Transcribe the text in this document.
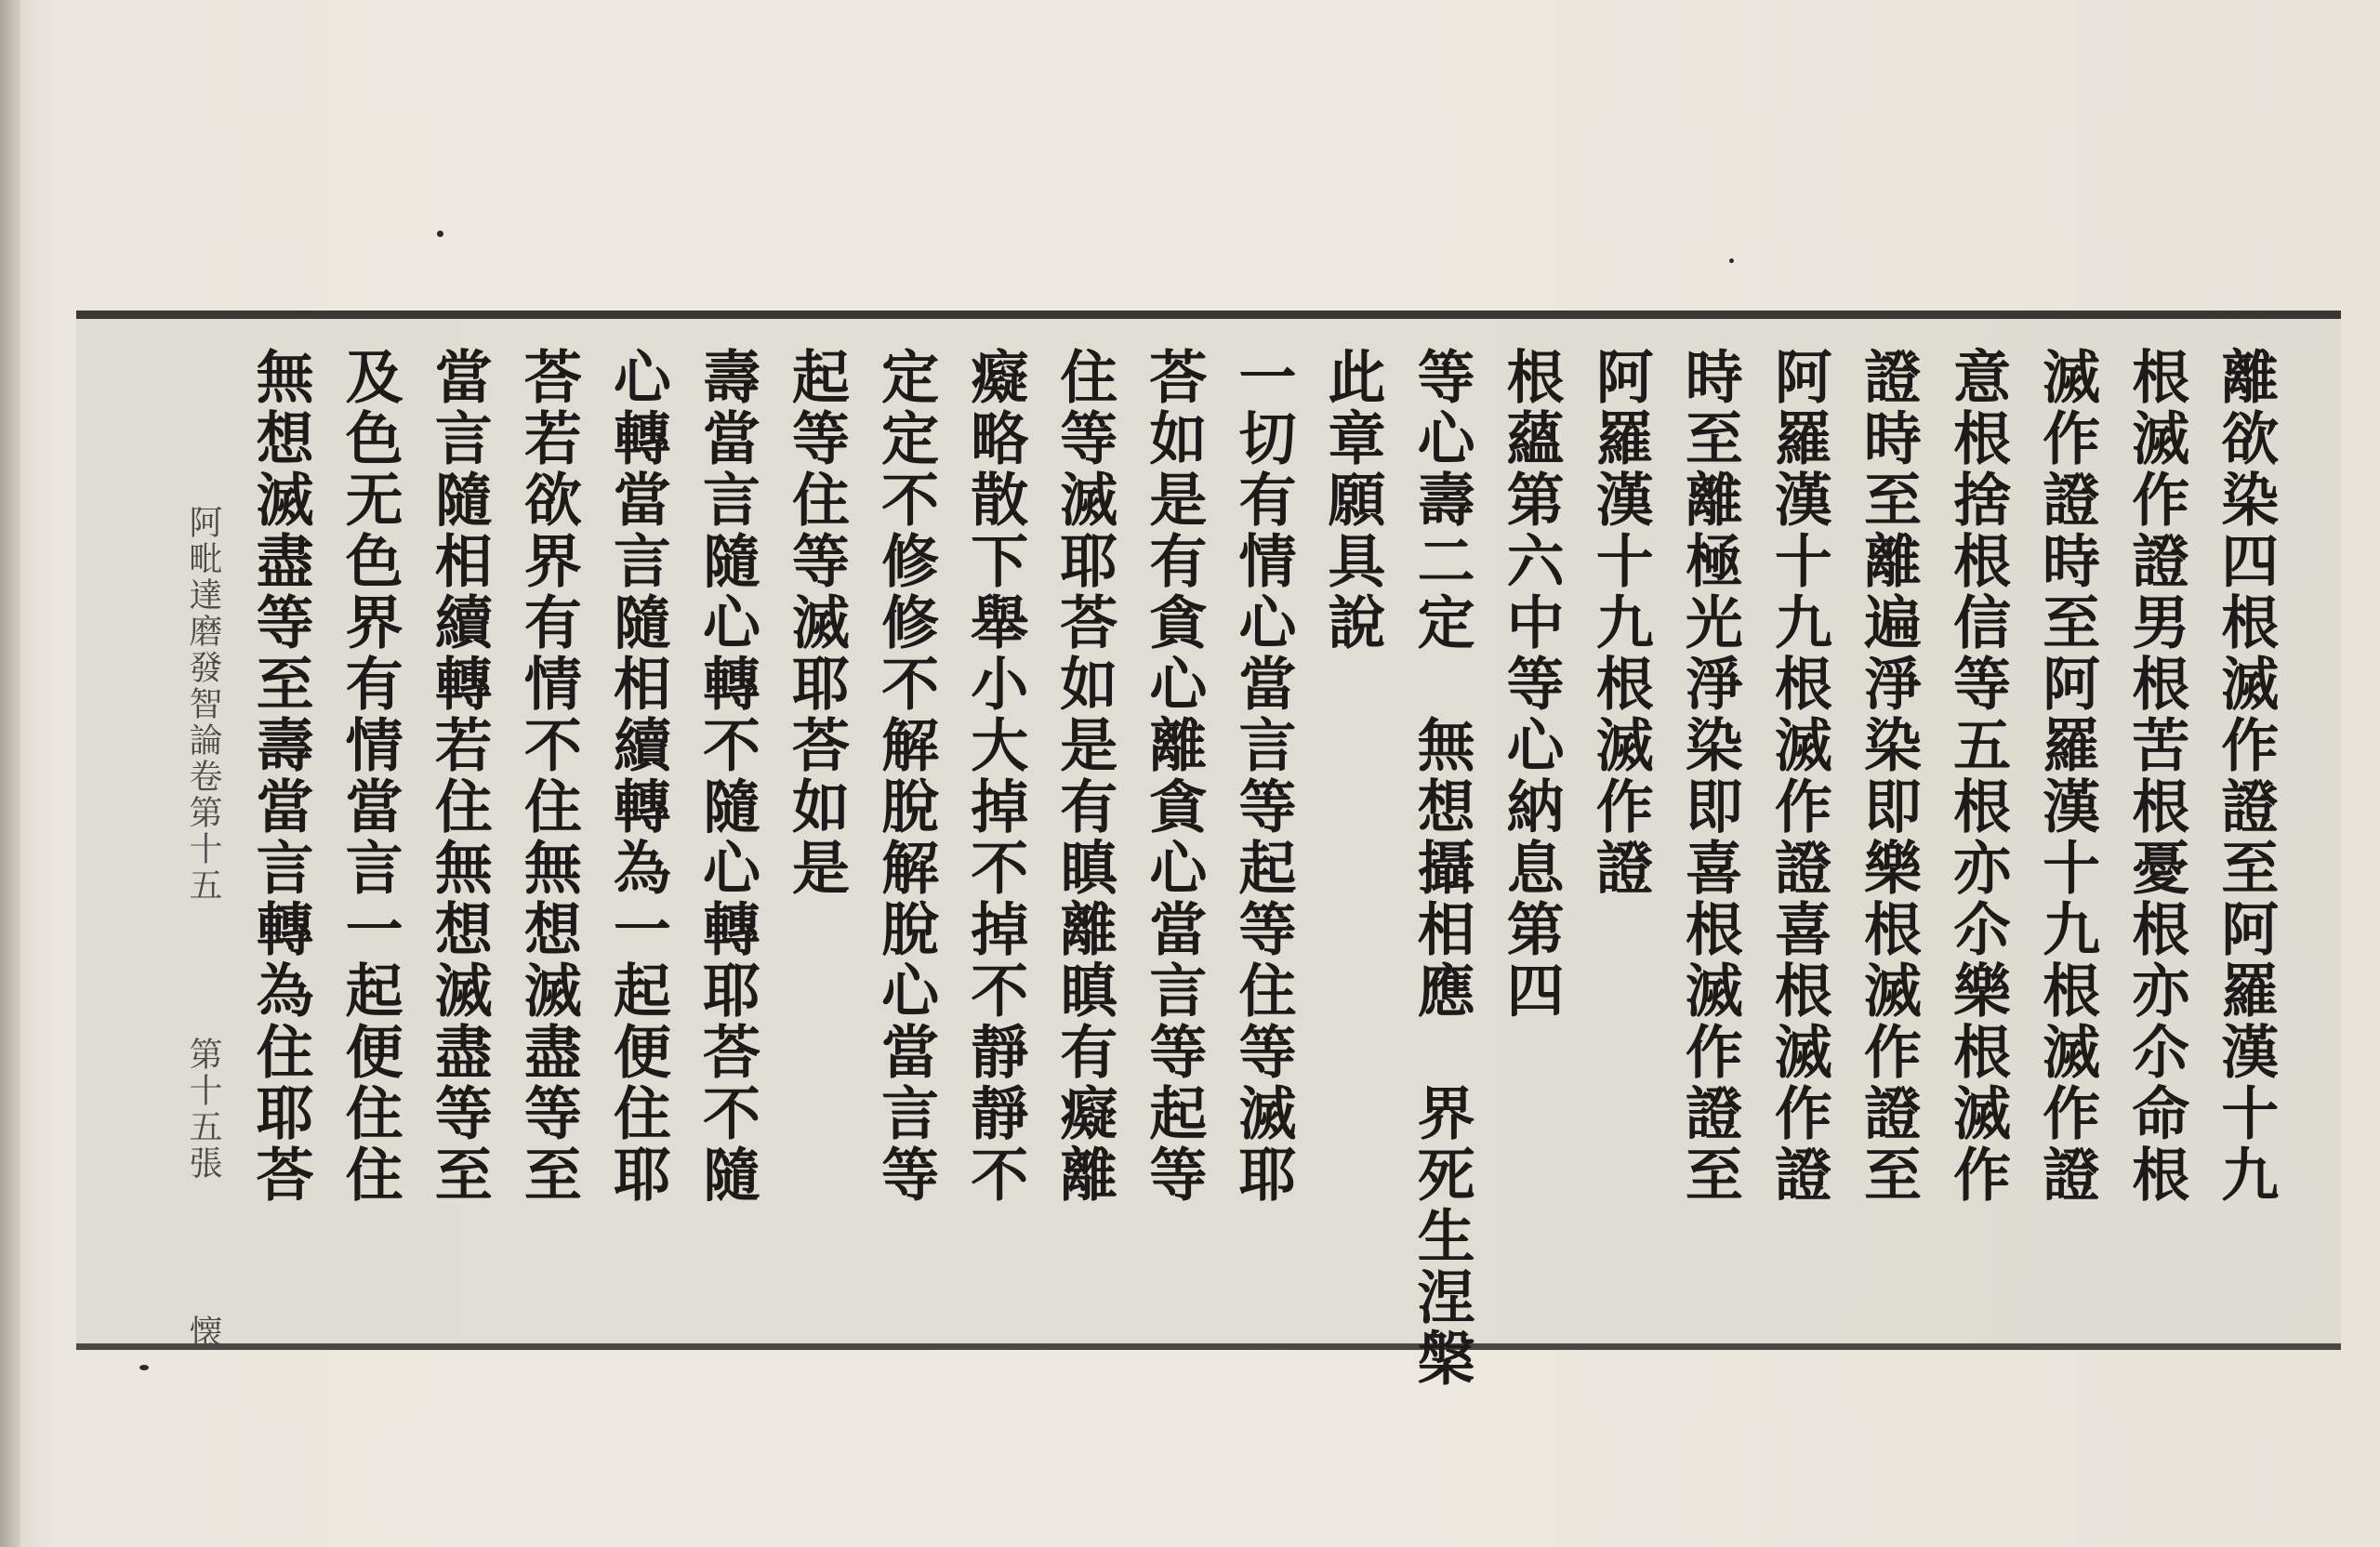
離欲染四根滅作證至阿羅漢十九
根滅作證男根苦根憂根亦尒命根
滅作證時至阿羅漢十九根滅作證
意根捨根信等五根亦尒樂根滅作
證時至離遍淨染即樂根滅作證至
阿羅漢十九根滅作證喜根滅作證
時至離極光淨染即喜根滅作證至
阿羅漢十九根滅作證
根蘊第六中等心納息第四
等心壽二定　無想攝相應　界死生涅槃
此章願具說
一切有情心當言等起等住等滅耶
荅如是有貪心離貪心當言等起等
住等滅耶荅如是有瞋離瞋有癡離
癡略散下舉小大掉不掉不靜靜不
定定不修修不解脫解脫心當言等
起等住等滅耶荅如是
壽當言隨心轉不隨心轉耶荅不隨
心轉當言隨相續轉為一起便住耶
荅若欲界有情不住無想滅盡等至
當言隨相續轉若住無想滅盡等至
及色无色界有情當言一起便住住
無想滅盡等至壽當言轉為住耶荅
阿毗達磨發智論卷第十五
第十五張
懐
